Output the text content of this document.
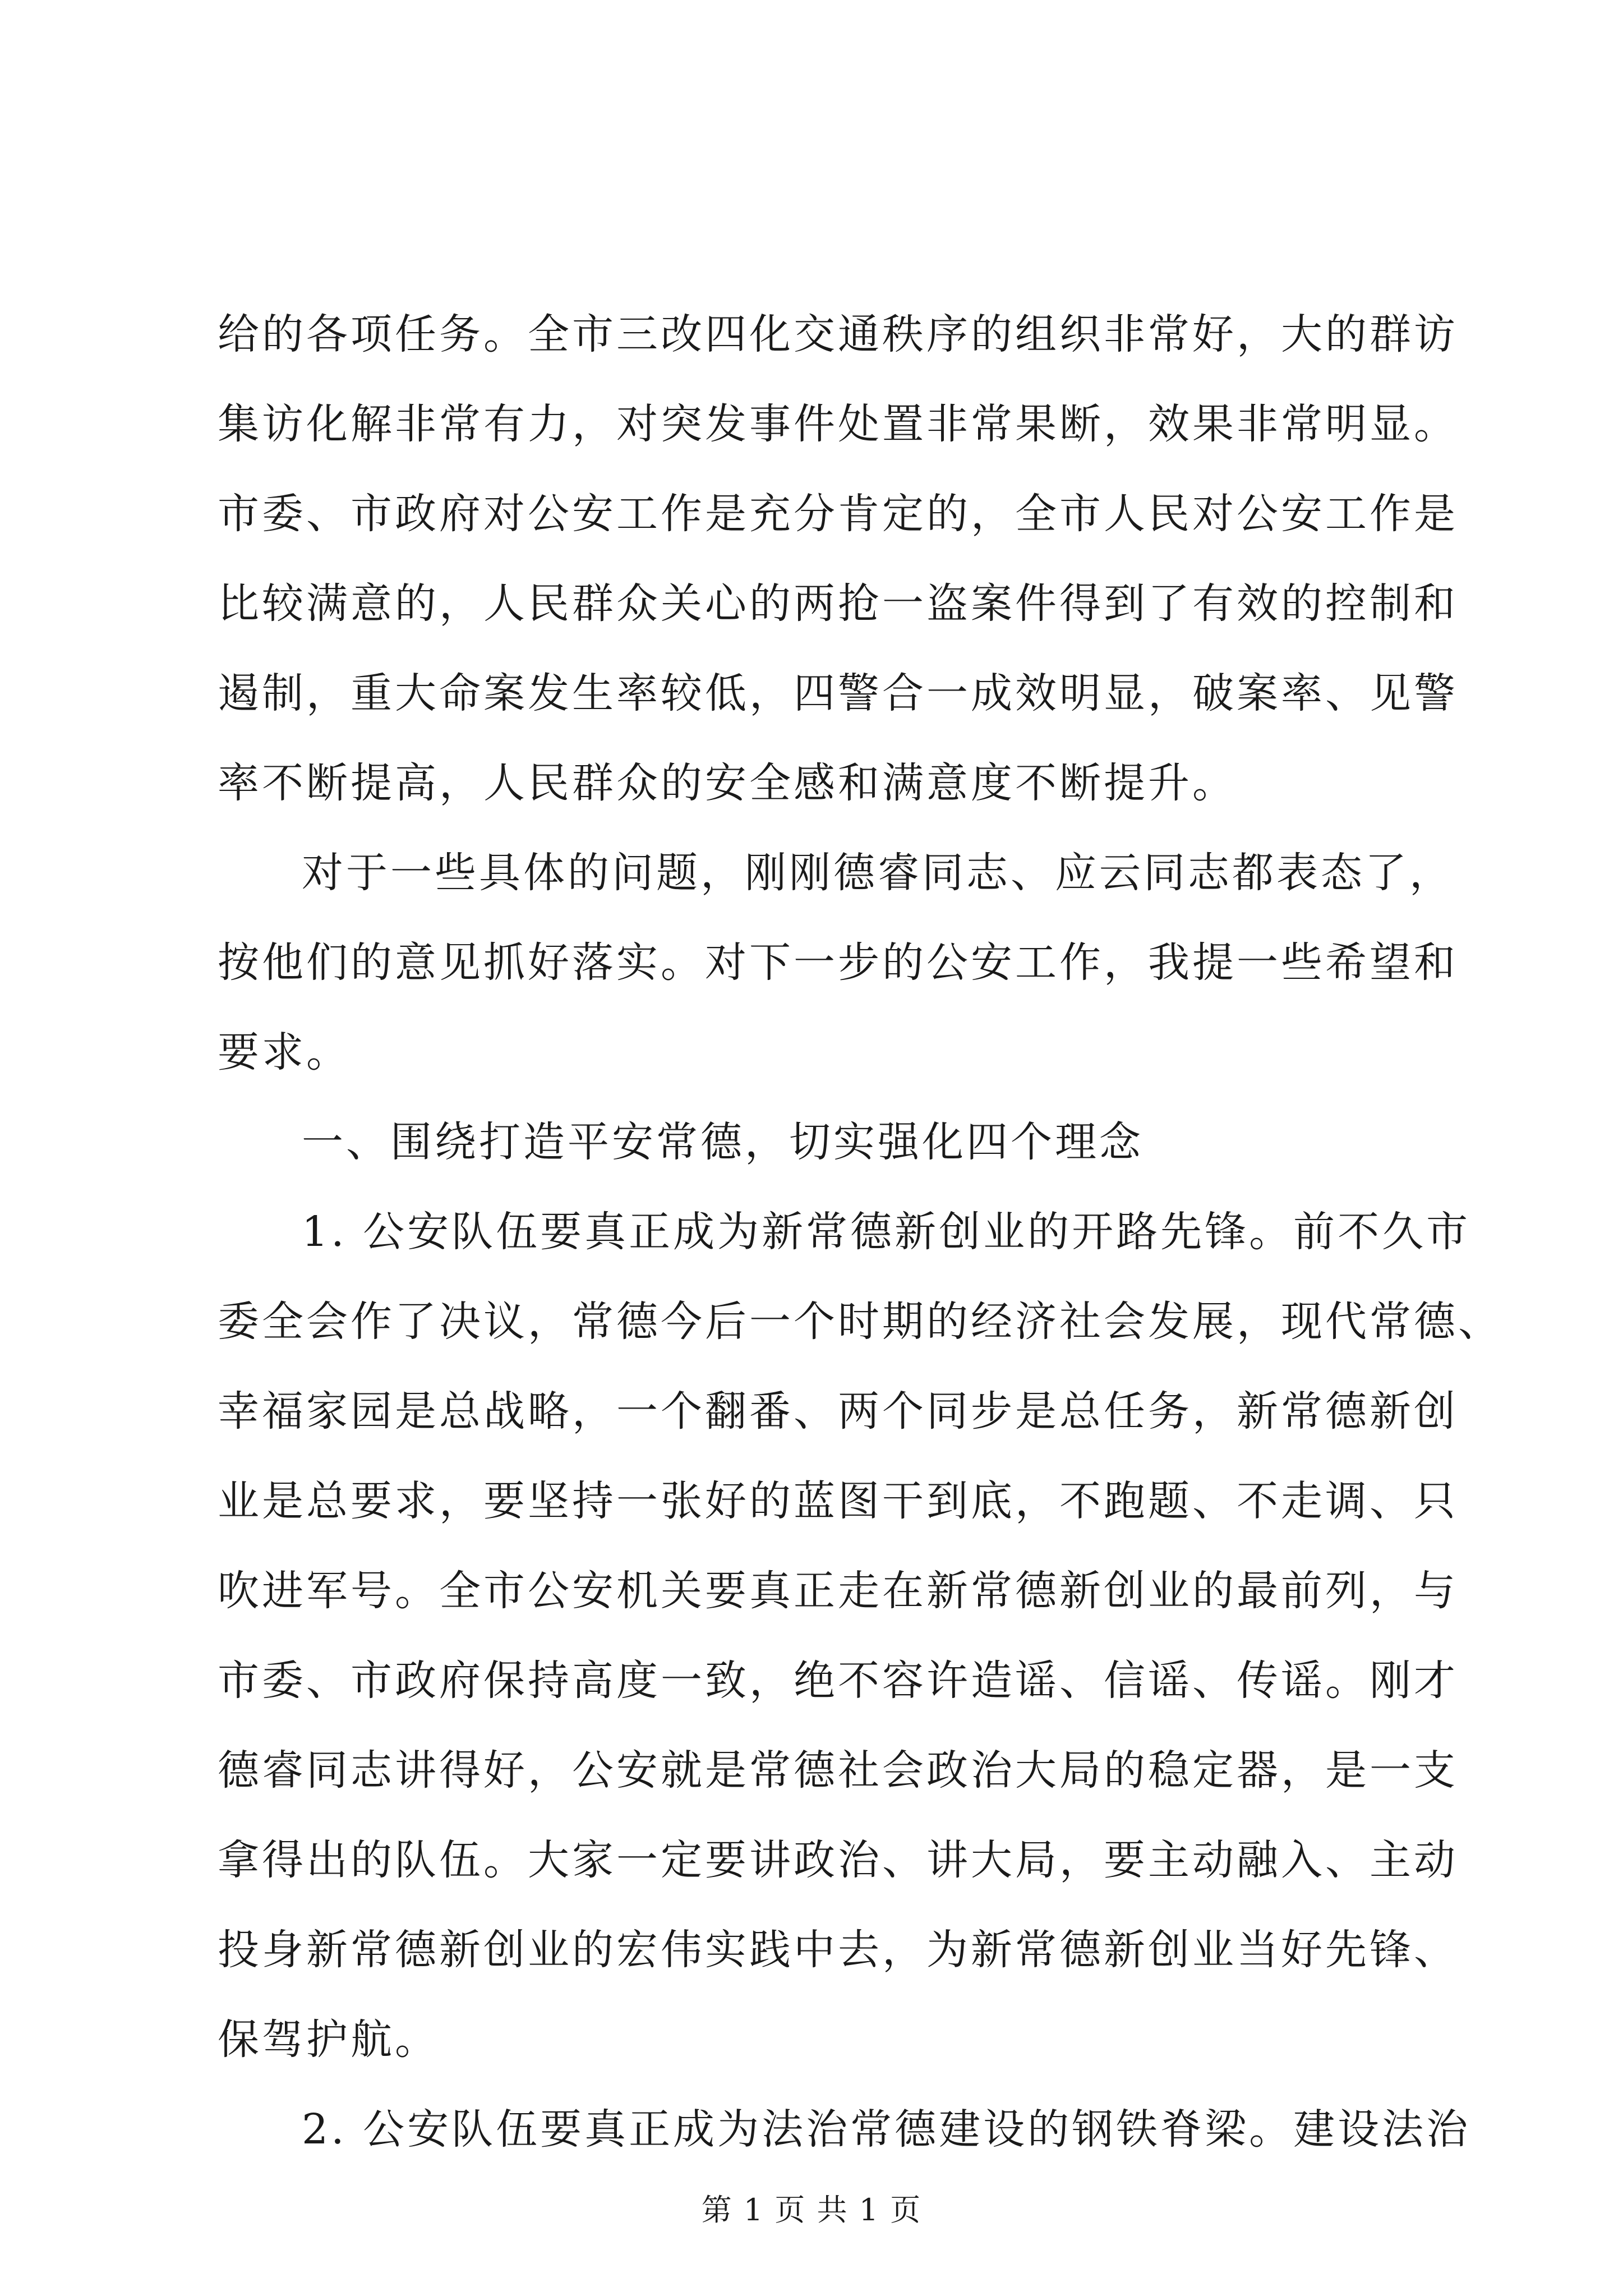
给的各项任务。全市三改四化交通秩序的组织非常好，大的群访
集访化解非常有力，对突发事件处置非常果断，效果非常明显。
市委、市政府对公安工作是充分肯定的，全市人民对公安工作是
比较满意的，人民群众关心的两抢一盗案件得到了有效的控制和
遏制，重大命案发生率较低，四警合一成效明显，破案率、见警
率不断提高，人民群众的安全感和满意度不断提升。
对于一些具体的问题，刚刚德睿同志、应云同志都表态了，
按他们的意见抓好落实。对下一步的公安工作，我提一些希望和
要求。
一、围绕打造平安常德，切实强化四个理念
1. 公安队伍要真正成为新常德新创业的开路先锋。前不久市
委全会作了决议，常德今后一个时期的经济社会发展，现代常德、
幸福家园是总战略，一个翻番、两个同步是总任务，新常德新创
业是总要求，要坚持一张好的蓝图干到底，不跑题、不走调、只
吹进军号。全市公安机关要真正走在新常德新创业的最前列，与
市委、市政府保持高度一致，绝不容许造谣、信谣、传谣。刚才
德睿同志讲得好，公安就是常德社会政治大局的稳定器，是一支
拿得出的队伍。大家一定要讲政治、讲大局，要主动融入、主动
投身新常德新创业的宏伟实践中去，为新常德新创业当好先锋、
保驾护航。
2. 公安队伍要真正成为法治常德建设的钢铁脊梁。建设法治
第 1 页 共 1 页
